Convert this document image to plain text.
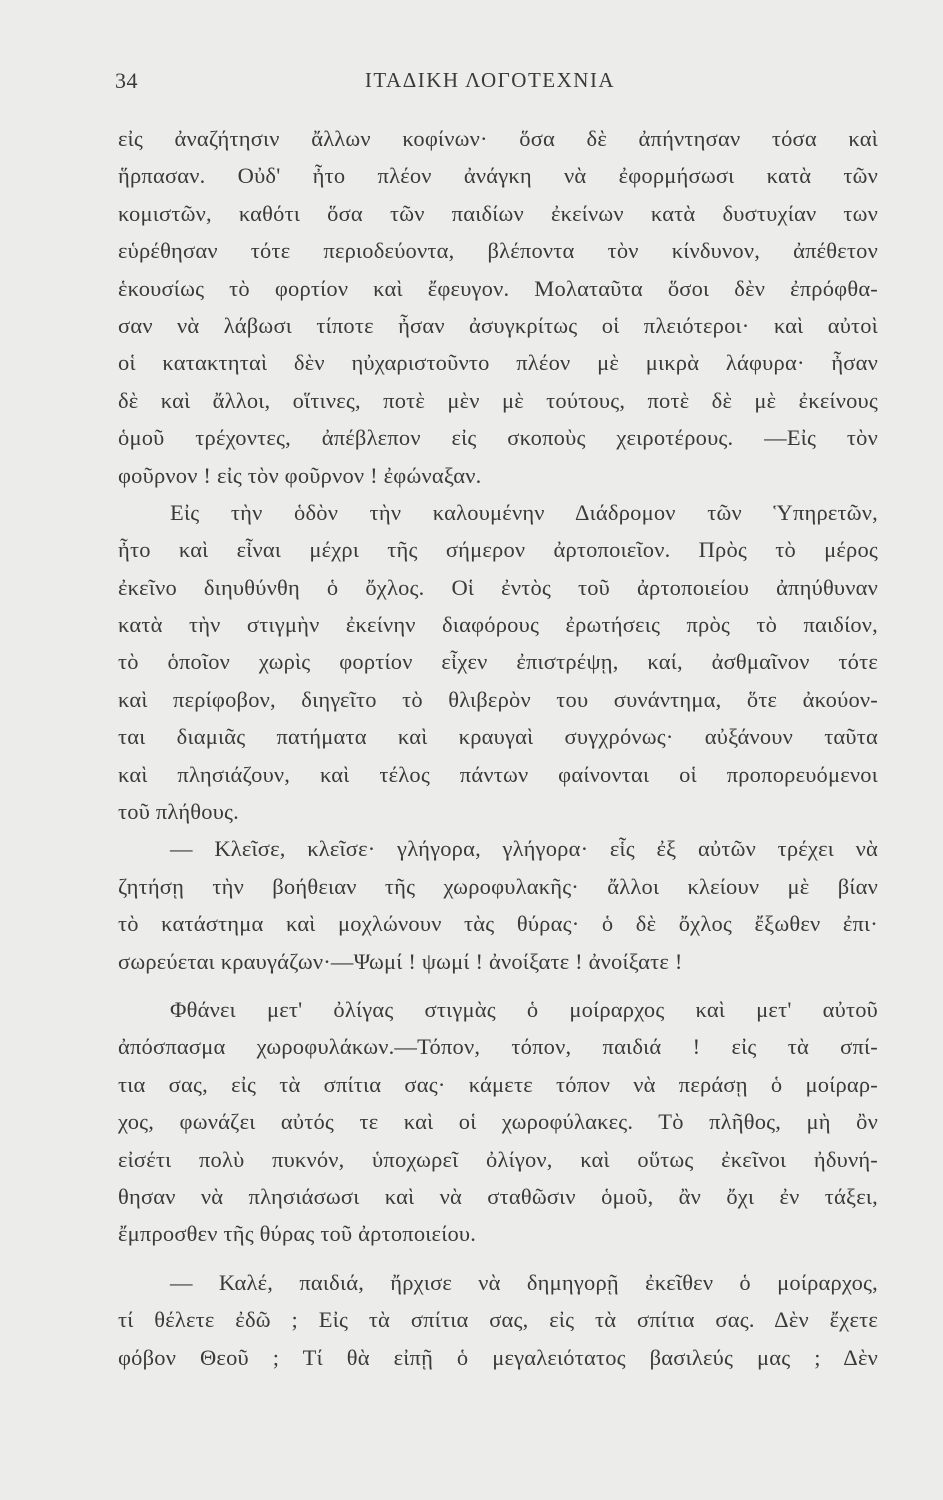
34	ΙΤΑΔΙΚΗ ΛΟΓΟΤΕΧΝΙΑ
εἰς ἀναζήτησιν ἄλλων κοφίνων· ὅσα δὲ ἀπήντησαν τόσα καὶ
ἥρπασαν. Οὐδ' ἦτο πλέον ἀνάγκη νὰ ἐφορμήσωσι κατὰ τῶν
κομιστῶν, καθότι ὅσα τῶν παιδίων ἐκείνων κατὰ δυστυχίαν των
εὑρέθησαν τότε περιοδεύοντα, βλέποντα τὸν κίνδυνον, ἀπέθετον
ἑκουσίως τὸ φορτίον καὶ ἔφευγον. Μολαταῦτα ὅσοι δὲν ἐπρόφθα-
σαν νὰ λάβωσι τίποτε ἦσαν ἀσυγκρίτως οἱ πλειότεροι· καὶ αὐτοὶ
οἱ κατακτηταὶ δὲν ηὐχαριστοῦντο πλέον μὲ μικρὰ λάφυρα· ἦσαν
δὲ καὶ ἄλλοι, οἵτινες, ποτὲ μὲν μὲ τούτους, ποτὲ δὲ μὲ ἐκείνους
ὁμοῦ τρέχοντες, ἀπέβλεπον εἰς σκοποὺς χειροτέρους. —Εἰς τὸν
φοῦρνον ! εἰς τὸν φοῦρνον ! ἐφώναξαν.
Εἰς τὴν ὁδὸν τὴν καλουμένην Διάδρομον τῶν Ὑπηρετῶν,
ἦτο καὶ εἶναι μέχρι τῆς σήμερον ἀρτοποιεῖον. Πρὸς τὸ μέρος
ἐκεῖνο διηυθύνθη ὁ ὄχλος. Οἱ ἐντὸς τοῦ ἀρτοποιείου ἀπηύθυναν
κατὰ τὴν στιγμὴν ἐκείνην διαφόρους ἐρωτήσεις πρὸς τὸ παιδίον,
τὸ ὁποῖον χωρὶς φορτίον εἶχεν ἐπιστρέψῃ, καί, ἀσθμαῖνον τότε
καὶ περίφοβον, διηγεῖτο τὸ θλιβερὸν του συνάντημα, ὅτε ἀκούον-
ται διαμιᾶς πατήματα καὶ κραυγαὶ συγχρόνως· αὐξάνουν ταῦτα
καὶ πλησιάζουν, καὶ τέλος πάντων φαίνονται οἱ προπορευόμενοι
τοῦ πλήθους.
— Κλεῖσε, κλεῖσε· γλήγορα, γλήγορα· εἷς ἐξ αὐτῶν τρέχει νὰ
ζητήσῃ τὴν βοήθειαν τῆς χωροφυλακῆς· ἄλλοι κλείουν μὲ βίαν
τὸ κατάστημα καὶ μοχλώνουν τὰς θύρας· ὁ δὲ ὄχλος ἔξωθεν ἐπι·
σωρεύεται κραυγάζων·—Ψωμί ! ψωμί ! ἀνοίξατε ! ἀνοίξατε !
Φθάνει μετ' ὀλίγας στιγμὰς ὁ μοίραρχος καὶ μετ' αὐτοῦ
ἀπόσπασμα χωροφυλάκων.—Τόπον, τόπον, παιδιά ! εἰς τὰ σπί-
τια σας, εἰς τὰ σπίτια σας· κάμετε τόπον νὰ περάσῃ ὁ μοίραρ-
χος, φωνάζει αὐτός τε καὶ οἱ χωροφύλακες. Τὸ πλῆθος, μὴ ὂν
εἰσέτι πολὺ πυκνόν, ὑποχωρεῖ ὀλίγον, καὶ οὕτως ἐκεῖνοι ἠδυνή-
θησαν νὰ πλησιάσωσι καὶ νὰ σταθῶσιν ὁμοῦ, ἂν ὄχι ἐν τάξει,
ἔμπροσθεν τῆς θύρας τοῦ ἀρτοποιείου.
— Καλέ, παιδιά, ἤρχισε νὰ δημηγορῇ ἐκεῖθεν ὁ μοίραρχος,
τί θέλετε ἐδῶ ; Εἰς τὰ σπίτια σας, εἰς τὰ σπίτια σας. Δὲν ἔχετε
φόβον Θεοῦ ; Τί θὰ εἰπῇ ὁ μεγαλειότατος βασιλεύς μας ; Δὲν
